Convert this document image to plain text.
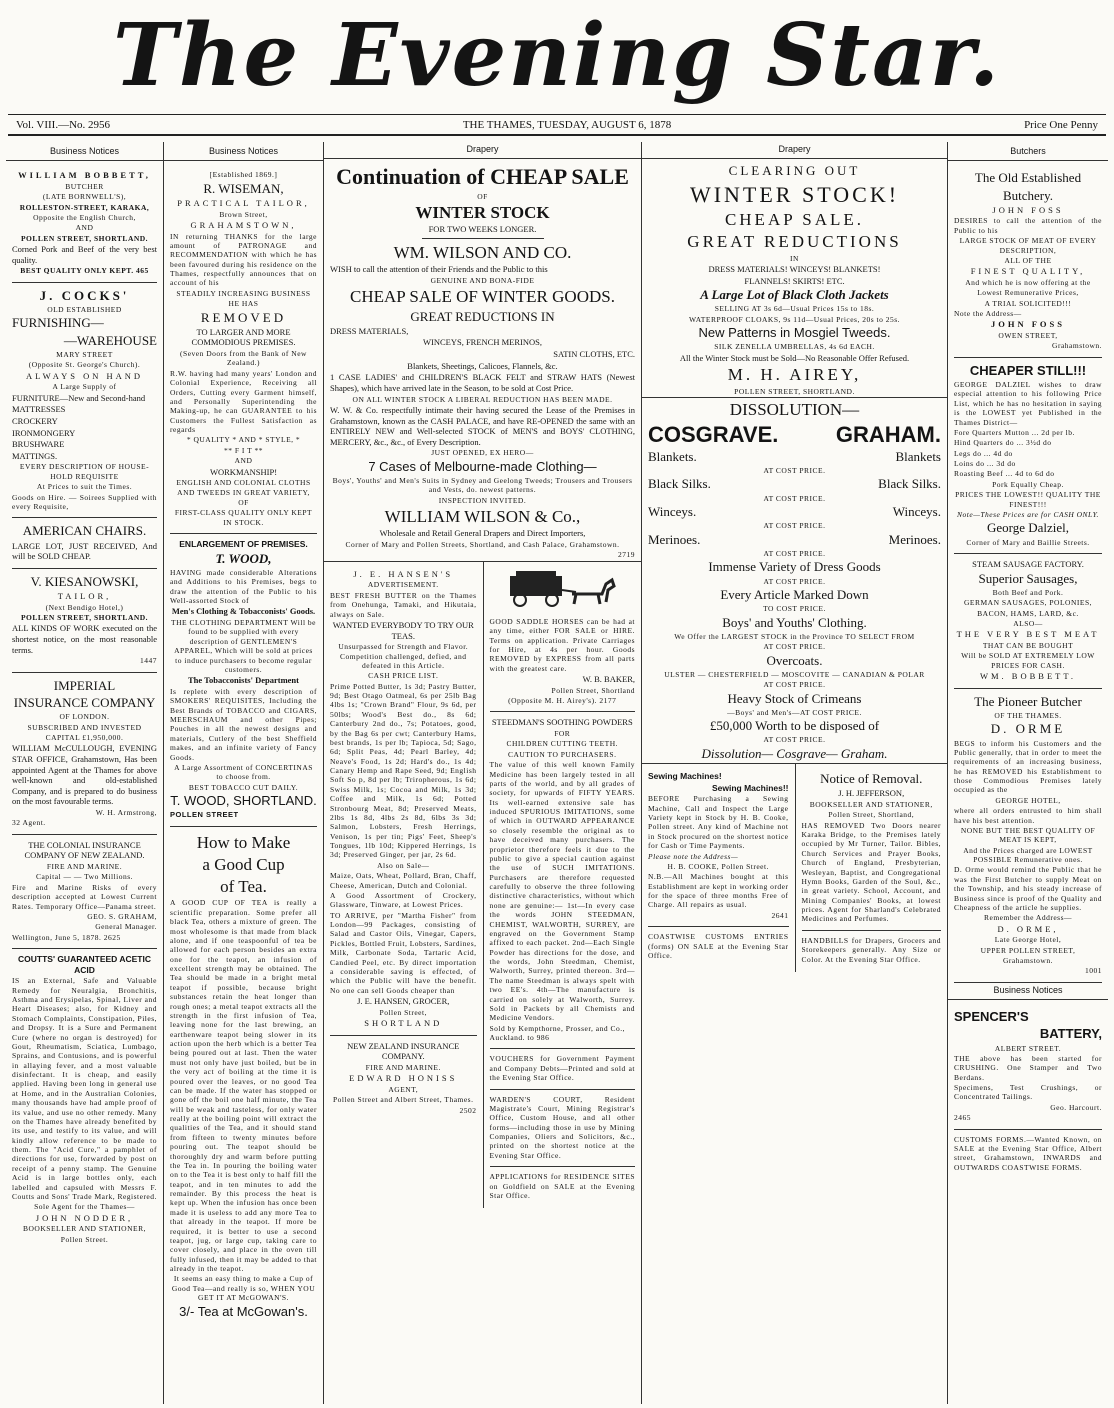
The Evening Star.
Vol. VIII.—No. 2956	THE THAMES, TUESDAY, AUGUST 6, 1878	Price One Penny
Business Notices

WILLIAM BOBBETT,

BUTCHER

(LATE BORNWELL'S),

ROLLESTON-STREET, KARAKA,

Opposite the English Church,

AND

POLLEN STREET, SHORTLAND.

Corned Pork and Beef of the very best quality.

BEST QUALITY ONLY KEPT. 465

J. COCKS'

OLD ESTABLISHED

FURNISHING—

—WAREHOUSE

MARY STREET

(Opposite St. George's Church).

ALWAYS ON HAND

A Large Supply of

FURNITURE—New and Second-hand

MATTRESSES

CROCKERY

IRONMONGERY

BRUSHWARE

MATTINGS.

EVERY DESCRIPTION OF HOUSE-HOLD REQUISITE

At Prices to suit the Times.

Goods on Hire. — Soirees Supplied with every Requisite,

AMERICAN CHAIRS.

LARGE LOT, JUST RECEIVED, And will be SOLD CHEAP.

V. KIESANOWSKI,

TAILOR,

(Next Bendigo Hotel,)

POLLEN STREET, SHORTLAND.

ALL KINDS OF WORK executed on the shortest notice, on the most reasonable terms.

1447

IMPERIAL

INSURANCE COMPANY

OF LONDON.

SUBSCRIBED AND INVESTED

CAPITAL £1,950,000.

WILLIAM McCULLOUGH, EVENING STAR OFFICE, Grahamstown, Has been appointed Agent at the Thames for above well-known and old-established Company, and is prepared to do business on the most favourable terms.

W. H. Armstrong,

32 Agent.

THE COLONIAL INSURANCE COMPANY OF NEW ZEALAND.

FIRE AND MARINE.

Capital — — Two Millions.

Fire and Marine Risks of every description accepted at Lowest Current Rates. Temporary Office—Panama street.

GEO. S. GRAHAM,

General Manager.

Wellington, June 5, 1878. 2625

COUTTS' GUARANTEED ACETIC ACID

IS an External, Safe and Valuable Remedy for Neuralgia, Bronchitis, Asthma and Erysipelas, Spinal, Liver and Heart Diseases; also, for Kidney and Stomach Complaints, Constipation, Piles, and Dropsy. It is a Sure and Permanent Cure (where no organ is destroyed) for Gout, Rheumatism, Sciatica, Lumbago, Sprains, and Contusions, and is powerful in allaying fever, and a most valuable disinfectant. It is cheap, and easily applied. Having been long in general use at Home, and in the Australian Colonies, many thousands have had ample proof of its value, and use no other remedy. Many on the Thames have already benefited by its use, and testify to its value, and will kindly allow reference to be made to them. The "Acid Cure," a pamphlet of directions for use, forwarded by post on receipt of a penny stamp. The Genuine Acid is in large bottles only, each labelled and capsuled with Messrs F. Coutts and Sons' Trade Mark, Registered.

Sole Agent for the Thames—

JOHN NODDER,

BOOKSELLER AND STATIONER,

Pollen Street.

Business Notices

[Established 1869.]

R. WISEMAN,

PRACTICAL TAILOR,

Brown Street,

GRAHAMSTOWN,

IN returning THANKS for the large amount of PATRONAGE and RECOMMENDATION with which he has been favoured during his residence on the Thames, respectfully announces that on account of his

STEADILY INCREASING BUSINESS

HE HAS

REMOVED

TO LARGER AND MORE COMMODIOUS PREMISES.

(Seven Doors from the Bank of New Zealand.)

R.W. having had many years' London and Colonial Experience, Receiving all Orders, Cutting every Garment himself, and Personally Superintending the Making-up, he can GUARANTEE to his Customers the Fullest Satisfaction as regards

* QUALITY * AND * STYLE, *

** F I T **

AND

WORKMANSHIP!

ENGLISH AND COLONIAL CLOTHS AND TWEEDS IN GREAT VARIETY,

OF

FIRST-CLASS QUALITY ONLY KEPT IN STOCK.

ENLARGEMENT OF PREMISES.

T. WOOD,

HAVING made considerable Alterations and Additions to his Premises, begs to draw the attention of the Public to his Well-assorted Stock of

Men's Clothing & Tobacconists' Goods.

THE CLOTHING DEPARTMENT Will be found to be supplied with every description of GENTLEMEN'S APPAREL, Which will be sold at prices to induce purchasers to become regular customers.

The Tobacconists' Department

Is replete with every description of SMOKERS' REQUISITES, Including the Best Brands of TOBACCO and CIGARS, MEERSCHAUM and other Pipes; Pouches in all the newest designs and materials, Cutlery of the best Sheffield makes, and an infinite variety of Fancy Goods.

A Large Assortment of CONCERTINAS to choose from.

BEST TOBACCO CUT DAILY.

T. WOOD, SHORTLAND.

POLLEN STREET

How to Make

a Good Cup

of Tea.

A GOOD CUP OF TEA is really a scientific preparation. Some prefer all black Tea, others a mixture of green. The most wholesome is that made from black alone, and if one teaspoonful of tea be allowed for each person besides an extra one for the teapot, an infusion of excellent strength may be obtained. The Tea should be made in a bright metal teapot if possible, because bright substances retain the heat longer than rough ones; a metal teapot extracts all the strength in the first infusion of Tea, leaving none for the last brewing, an earthenware teapot being slower in its action upon the herb which is a better Tea being poured out at last. Then the water must not only have just boiled, but be in the very act of boiling at the time it is poured over the leaves, or no good Tea can be made. If the water has stopped or gone off the boil one half minute, the Tea will be weak and tasteless, for only water really at the boiling point will extract the qualities of the Tea, and it should stand from fifteen to twenty minutes before pouring out. The teapot should be thoroughly dry and warm before putting the Tea in. In pouring the boiling water on to the Tea it is best only to half fill the teapot, and in ten minutes to add the remainder. By this process the heat is kept up. When the infusion has once been made it is useless to add any more Tea to that already in the teapot. If more be required, it is better to use a second teapot, jug, or large cup, taking care to cover closely, and place in the oven till fully infused, then it may be added to that already in the teapot.

It seems an easy thing to make a Cup of Good Tea—and really is so, WHEN YOU GET IT AT McGOWAN'S.

3/- Tea at McGowan's.

Drapery

Continuation of CHEAP SALE

OF

WINTER STOCK

FOR TWO WEEKS LONGER.

WM. WILSON AND CO.

WISH to call the attention of their Friends and the Public to this

GENUINE AND BONA-FIDE

CHEAP SALE OF WINTER GOODS.

GREAT REDUCTIONS IN

DRESS MATERIALS,

WINCEYS, FRENCH MERINOS,

SATIN CLOTHS, ETC.

Blankets, Sheetings, Calicoes, Flannels, &c.

1 CASE LADIES' and CHILDREN'S BLACK FELT and STRAW HATS (Newest Shapes), which have arrived late in the Season, to be sold at Cost Price.

ON ALL WINTER STOCK A LIBERAL REDUCTION HAS BEEN MADE.

W. W. & Co. respectfully intimate their having secured the Lease of the Premises in Grahamstown, known as the CASH PALACE, and have RE-OPENED the same with an ENTIRELY NEW and Well-selected STOCK of MEN'S and BOYS' CLOTHING, MERCERY, &c., &c., of Every Description.

JUST OPENED, EX HERO—

7 Cases of Melbourne-made Clothing—

Boys', Youths' and Men's Suits in Sydney and Geelong Tweeds; Trousers and Trousers and Vests, do. newest patterns.

INSPECTION INVITED.

WILLIAM WILSON & Co.,

Wholesale and Retail General Drapers and Direct Importers,

Corner of Mary and Pollen Streets, Shortland, and Cash Palace, Grahamstown.

2719

J. E. HANSEN'S

ADVERTISEMENT.

BEST FRESH BUTTER on the Thames from Onehunga, Tamaki, and Hikutaia, always on Sale.

WANTED EVERYBODY TO TRY OUR TEAS.

Unsurpassed for Strength and Flavor. Competition challenged, defied, and defeated in this Article.

CASH PRICE LIST.

Prime Potted Butter, 1s 3d; Pastry Butter, 9d; Best Otago Oatmeal, 6s per 25lb Bag 4lbs 1s; "Crown Brand" Flour, 9s 6d, per 50lbs; Wood's Best do., 8s 6d; Canterbury 2nd do., 7s; Potatoes, good, by the Bag 6s per cwt; Canterbury Hams, best brands, 1s per lb; Tapioca, 5d; Sago, 6d; Split Peas, 4d; Pearl Barley, 4d; Neave's Food, 1s 2d; Hard's do., 1s 4d; Canary Hemp and Rape Seed, 9d; English Soft So p, 8d per lb; Triropherous, 1s 6d; Swiss Milk, 1s; Cocoa and Milk, 1s 3d; Coffee and Milk, 1s 6d; Potted Stronbourg Meat, 8d; Preserved Meats, 2lbs 1s 8d, 4lbs 2s 8d, 6lbs 3s 3d; Salmon, Lobsters, Fresh Herrings, Venison, 1s per tin; Pigs' Feet, Sheep's Tongues, 1lb 10d; Kippered Herrings, 1s 3d; Preserved Ginger, per jar, 2s 6d.

Also on Sale—

Maize, Oats, Wheat, Pollard, Bran, Chaff, Cheese, American, Dutch and Colonial.

A Good Assortment of Crockery, Glassware, Tinware, at Lowest Prices.

TO ARRIVE, per "Martha Fisher" from London—99 Packages, consisting of Salad and Castor Oils, Vinegar, Capers, Pickles, Bottled Fruit, Lobsters, Sardines, Milk, Carbonate Soda, Tartaric Acid, Candied Peel, etc. By direct importation a considerable saving is effected, of which the Public will have the benefit. No one can sell Goods cheaper than

J. E. HANSEN, GROCER,

Pollen Street,

SHORTLAND

NEW ZEALAND INSURANCE COMPANY.

FIRE AND MARINE.

EDWARD HONISS

AGENT,

Pollen Street and Albert Street, Thames.

2502

GOOD SADDLE HORSES can be had at any time, either FOR SALE or HIRE. Terms on application. Private Carriages for Hire, at 4s per hour. Goods REMOVED by EXPRESS from all parts with the greatest care.

W. B. BAKER,

Pollen Street, Shortland

(Opposite M. H. Airey's). 2177

STEEDMAN'S SOOTHING POWDERS

FOR

CHILDREN CUTTING TEETH.

CAUTION TO PURCHASERS.

The value of this well known Family Medicine has been largely tested in all parts of the world, and by all grades of society, for upwards of FIFTY YEARS. Its well-earned extensive sale has induced SPURIOUS IMITATIONS, some of which in OUTWARD APPEARANCE so closely resemble the original as to have deceived many purchasers. The proprietor therefore feels it due to the public to give a special caution against the use of SUCH IMITATIONS. Purchasers are therefore requested carefully to observe the three following distinctive characteristics, without which none are genuine:— 1st—In every case the words JOHN STEEDMAN, CHEMIST, WALWORTH, SURREY, are engraved on the Government Stamp affixed to each packet. 2nd—Each Single Powder has directions for the dose, and the words, John Steedman, Chemist, Walworth, Surrey, printed thereon. 3rd—The name Steedman is always spelt with two EE's. 4th—The manufacture is carried on solely at Walworth, Surrey. Sold in Packets by all Chemists and Medicine Vendors.

Sold by Kempthorne, Prosser, and Co., Auckland. to 986

VOUCHERS for Government Payment and Company Debts—Printed and sold at the Evening Star Office.

WARDEN'S COURT, Resident Magistrate's Court, Mining Registrar's Office, Custom House, and all other forms—including those in use by Mining Companies, Oliers and Solicitors, &c., printed on the shortest notice at the Evening Star Office.

APPLICATIONS for RESIDENCE SITES on Goldfield on SALE at the Evening Star Office.

Drapery

CLEARING OUT

WINTER STOCK!

CHEAP SALE.

GREAT REDUCTIONS

IN

DRESS MATERIALS! WINCEYS! BLANKETS!

FLANNELS! SKIRTS! ETC.

A Large Lot of Black Cloth Jackets

SELLING AT 3s 6d—Usual Prices 15s to 18s.

WATERPROOF CLOAKS, 9s 11d—Usual Prices, 20s to 25s.

New Patterns in Mosgiel Tweeds.

SILK ZENELLA UMBRELLAS, 4s 6d EACH.

All the Winter Stock must be Sold—No Reasonable Offer Refused.

M. H. AIREY,

POLLEN STREET, SHORTLAND.

DISSOLUTION—

COSGRAVE.	GRAHAM.
Blankets.	Blankets

AT COST PRICE.

Black Silks.	Black Silks.

AT COST PRICE.

Winceys.	Winceys.

AT COST PRICE.

Merinoes.	Merinoes.

AT COST PRICE.

Immense Variety of Dress Goods

AT COST PRICE.

Every Article Marked Down

TO COST PRICE.

Boys' and Youths' Clothing.

We Offer the LARGEST STOCK in the Province TO SELECT FROM

AT COST PRICE.

Overcoats.

ULSTER — CHESTERFIELD — MOSCOVITE — CANADIAN & POLAR

AT COST PRICE.

Heavy Stock of Crimeans

—Boys' and Men's—AT COST PRICE.

£50,000 Worth to be disposed of

AT COST PRICE.

Dissolution— Cosgrave— Graham.

Sewing Machines!

Sewing Machines!!

BEFORE Purchasing a Sewing Machine, Call and Inspect the Large Variety kept in Stock by H. B. Cooke, Pollen street. Any kind of Machine not in Stock procured on the shortest notice for Cash or Time Payments.

Please note the Address—

H. B. COOKE, Pollen Street.

N.B.—All Machines bought at this Establishment are kept in working order for the space of three months Free of Charge. All repairs as usual.

2641

COASTWISE CUSTOMS ENTRIES (forms) ON SALE at the Evening Star Office.

Notice of Removal.

J. H. JEFFERSON,

BOOKSELLER AND STATIONER,

Pollen Street, Shortland,

HAS REMOVED Two Doors nearer Karaka Bridge, to the Premises lately occupied by Mr Turner, Tailor. Bibles, Church Services and Prayer Books, Church of England, Presbyterian, Wesleyan, Baptist, and Congregational Hymn Books, Garden of the Soul, &c., in great variety. School, Account, and Mining Companies' Books, at lowest prices. Agent for Sharland's Celebrated Medicines and Perfumes.

HANDBILLS for Drapers, Grocers and Storekeepers generally. Any Size or Color. At the Evening Star Office.

Butchers

The Old Established

Butchery.

JOHN FOSS

DESIRES to call the attention of the Public to his

LARGE STOCK OF MEAT OF EVERY DESCRIPTION,

ALL OF THE

FINEST QUALITY,

And which he is now offering at the

Lowest Remunerative Prices,

A TRIAL SOLICITED!!!

Note the Address—

JOHN FOSS

OWEN STREET,

Grahamstown.

CHEAPER STILL!!!

GEORGE DALZIEL wishes to draw especial attention to his following Price List, which he has no hesitation in saying is the LOWEST yet Published in the Thames District—

Fore Quarters Mutton ... 2d per lb.

Hind Quarters do ... 3½d do

Legs do ... 4d do

Loins do ... 3d do

Roasting Beef ... 4d to 6d do

Pork Equally Cheap.

PRICES THE LOWEST!! QUALITY THE FINEST!!!

Note—These Prices are for CASH ONLY.

George Dalziel,

Corner of Mary and Baillie Streets.

STEAM SAUSAGE FACTORY.

Superior Sausages,

Both Beef and Pork.

GERMAN SAUSAGES, POLONIES,

BACON, HAMS, LARD, &c.

ALSO—

THE VERY BEST MEAT

THAT CAN BE BOUGHT

Will be SOLD AT EXTREMELY LOW PRICES FOR CASH.

WM. BOBBETT.

The Pioneer Butcher

OF THE THAMES.

D. ORME

BEGS to inform his Customers and the Public generally, that in order to meet the requirements of an increasing business, he has REMOVED his Establishment to those Commodious Premises lately occupied as the

GEORGE HOTEL,

where all orders entrusted to him shall have his best attention.

NONE BUT THE BEST QUALITY OF MEAT IS KEPT,

And the Prices charged are LOWEST POSSIBLE Remunerative ones.

D. Orme would remind the Public that he was the First Butcher to supply Meat on the Township, and his steady increase of Business since is proof of the Quality and Cheapness of the article he supplies.

Remember the Address—

D. ORME,

Late George Hotel,

UPPER POLLEN STREET,

Grahamstown.

1001

Business Notices

SPENCER'S

BATTERY,

ALBERT STREET.

THE above has been started for CRUSHING. One Stamper and Two Berdans.

Specimens, Test Crushings, or Concentrated Tailings.

Geo. Harcourt.

2465

CUSTOMS FORMS.—Wanted Known, on SALE at the Evening Star Office, Albert street, Grahamstown, INWARDS and OUTWARDS COASTWISE FORMS.
